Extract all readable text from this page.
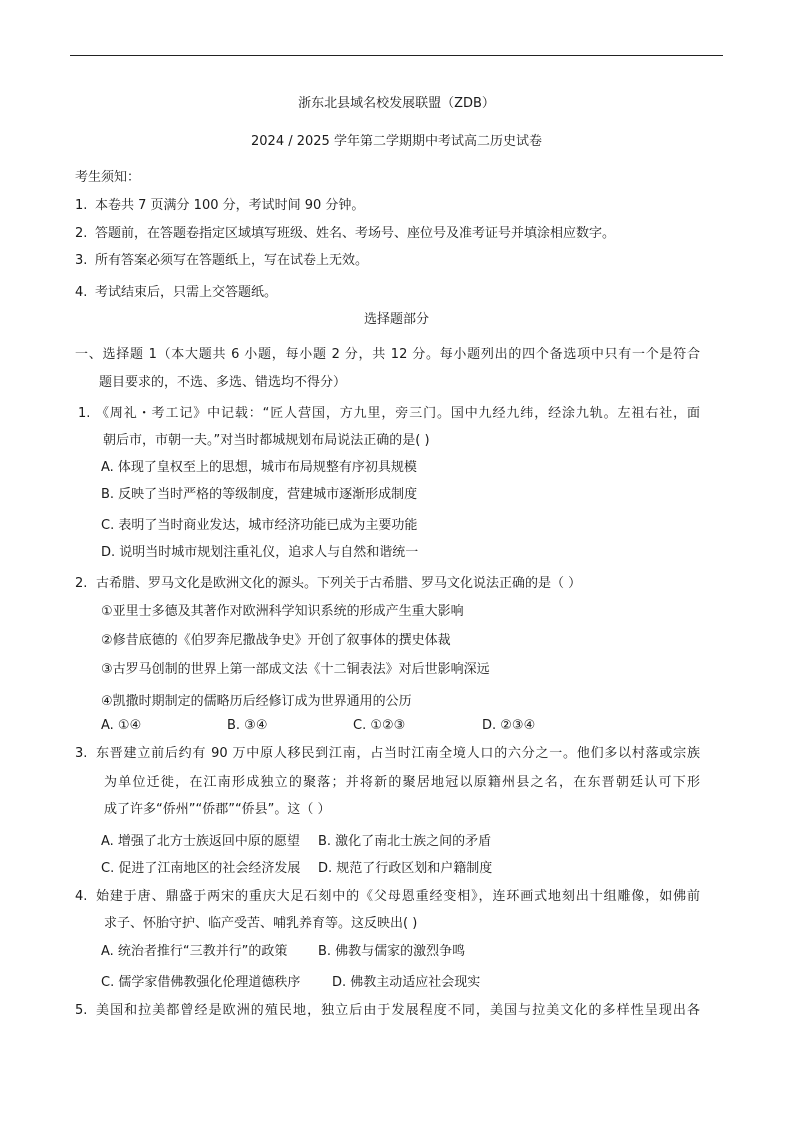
浙东北县域名校发展联盟（ZDB）
2024 / 2025 学年第二学期期中考试高二历史试卷
考生须知：
1. 本卷共 7 页满分 100 分，考试时间 90 分钟。
2. 答题前，在答题卷指定区域填写班级、姓名、考场号、座位号及准考证号并填涂相应数字。
3. 所有答案必须写在答题纸上，写在试卷上无效。
4. 考试结束后，只需上交答题纸。
选择题部分
一、选择题 1（本大题共 6 小题，每小题 2 分，共 12 分。每小题列出的四个备选项中只有一个是符合
题目要求的，不选、多选、错选均不得分）
1. 《周礼・考工记》中记载：“匠人营国，方九里，旁三门。国中九经九纬，经涂九轨。左祖右社，面
朝后市，市朝一夫。”对当时都城规划布局说法正确的是( )
A. 体现了皇权至上的思想，城市布局规整有序初具规模
B. 反映了当时严格的等级制度，营建城市逐渐形成制度
C. 表明了当时商业发达，城市经济功能已成为主要功能
D. 说明当时城市规划注重礼仪，追求人与自然和谐统一
2. 古希腊、罗马文化是欧洲文化的源头。下列关于古希腊、罗马文化说法正确的是（ ）
①亚里士多德及其著作对欧洲科学知识系统的形成产生重大影响
②修昔底德的《伯罗奔尼撒战争史》开创了叙事体的撰史体裁
③古罗马创制的世界上第一部成文法《十二铜表法》对后世影响深远
④凯撒时期制定的儒略历后经修订成为世界通用的公历
A. ①④	B. ③④	C. ①②③	D. ②③④
3. 东晋建立前后约有 90 万中原人移民到江南，占当时江南全境人口的六分之一。他们多以村落或宗族
为单位迁徙，在江南形成独立的聚落；并将新的聚居地冠以原籍州县之名，在东晋朝廷认可下形
成了许多“侨州”“侨郡”“侨县”。这（ ）
A. 增强了北方士族返回中原的愿望 B. 激化了南北士族之间的矛盾
C. 促进了江南地区的社会经济发展 D. 规范了行政区划和户籍制度
4. 始建于唐、鼎盛于两宋的重庆大足石刻中的《父母恩重经变相》，连环画式地刻出十组雕像，如佛前
求子、怀胎守护、临产受苦、哺乳养育等。这反映出( )
A. 统治者推行“三教并行”的政策 B. 佛教与儒家的激烈争鸣
C. 儒学家借佛教强化伦理道德秩序 D. 佛教主动适应社会现实
5. 美国和拉美都曾经是欧洲的殖民地，独立后由于发展程度不同，美国与拉美文化的多样性呈现出各
